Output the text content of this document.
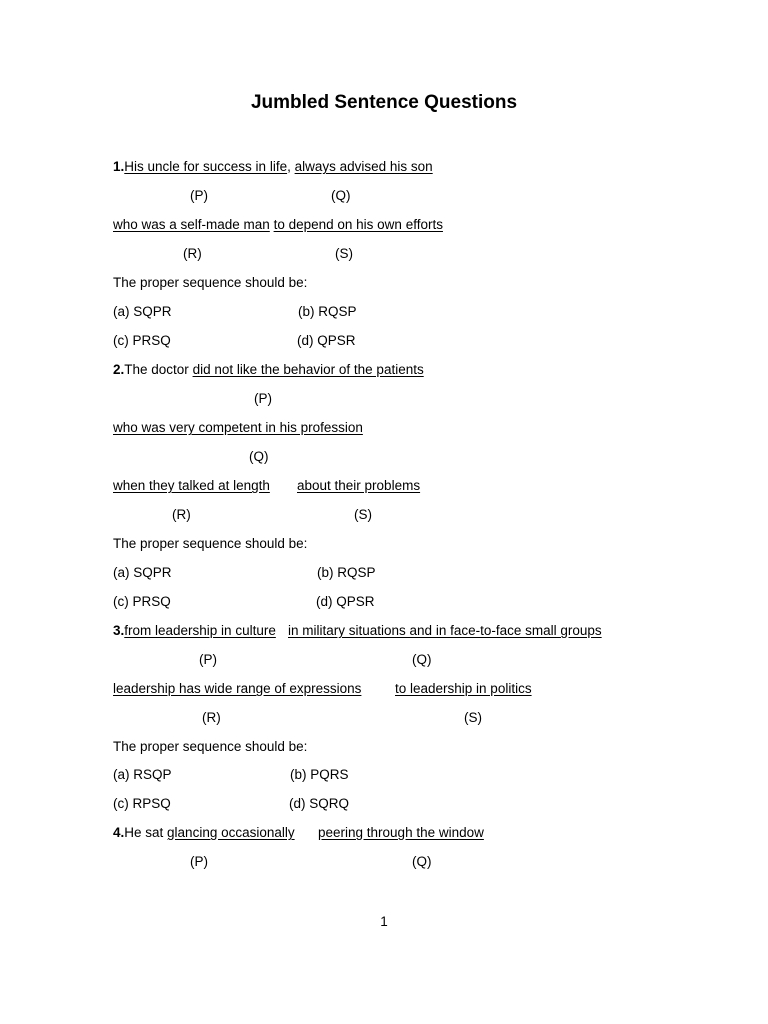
Jumbled Sentence Questions
1.His uncle for success in life, always advised his son
(P)	(Q)
who was a self-made man to depend on his own efforts
(R)	(S)
The proper sequence should be:
(a) SQPR	(b) RQSP
(c) PRSQ	(d) QPSR
2.The doctor did not like the behavior of the patients
(P)
who was very competent in his profession
(Q)
when they talked at length about their problems
(R)	(S)
The proper sequence should be:
(a) SQPR	(b) RQSP
(c) PRSQ	(d) QPSR
3.from leadership in culture in military situations and in face-to-face small groups
(P)	(Q)
leadership has wide range of expressions to leadership in politics
(R)	(S)
The proper sequence should be:
(a) RSQP	(b) PQRS
(c) RPSQ	(d) SQRQ
4.He sat glancing occasionally peering through the window
(P)	(Q)
1
